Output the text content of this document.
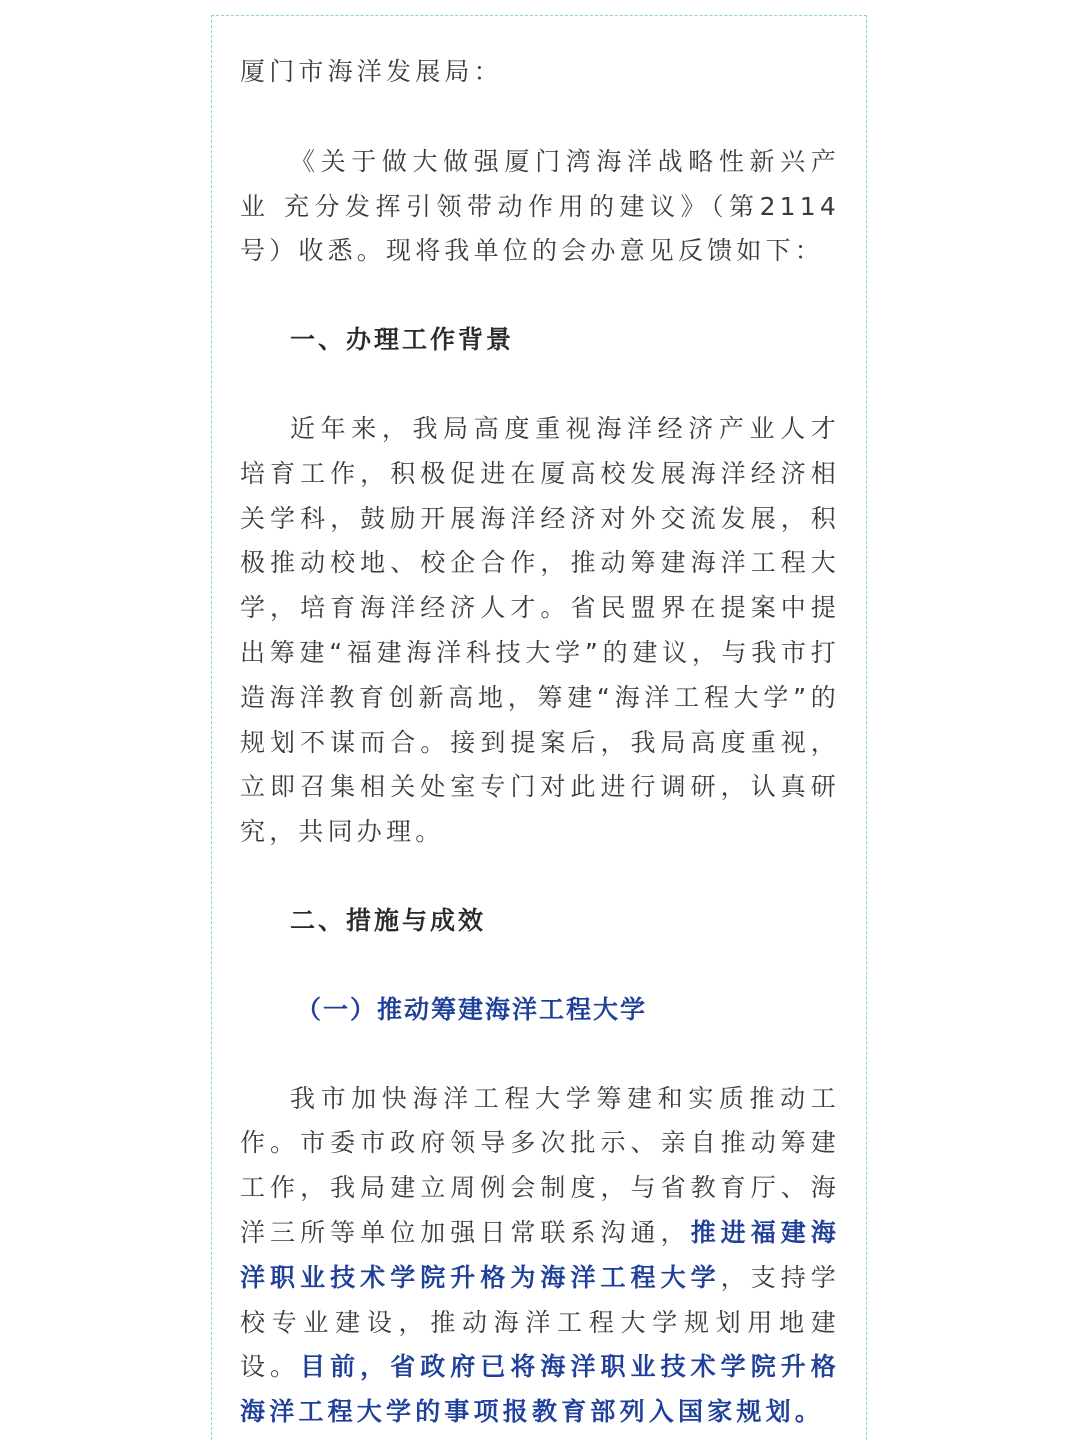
厦门市海洋发展局：

《关于做大做强厦门湾海洋战略性新兴产业 充分发挥引领带动作用的建议》（第2114号）收悉。现将我单位的会办意见反馈如下：

一、办理工作背景

近年来，我局高度重视海洋经济产业人才培育工作，积极促进在厦高校发展海洋经济相关学科，鼓励开展海洋经济对外交流发展，积极推动校地、校企合作，推动筹建海洋工程大学，培育海洋经济人才。省民盟界在提案中提出筹建“福建海洋科技大学”的建议，与我市打造海洋教育创新高地，筹建“海洋工程大学”的规划不谋而合。接到提案后，我局高度重视，立即召集相关处室专门对此进行调研，认真研究，共同办理。

二、措施与成效

（一）推动筹建海洋工程大学

我市加快海洋工程大学筹建和实质推动工作。市委市政府领导多次批示、亲自推动筹建工作，我局建立周例会制度，与省教育厅、海洋三所等单位加强日常联系沟通，推进福建海洋职业技术学院升格为海洋工程大学，支持学校专业建设，推动海洋工程大学规划用地建设。目前，省政府已将海洋职业技术学院升格海洋工程大学的事项报教育部列入国家规划。
